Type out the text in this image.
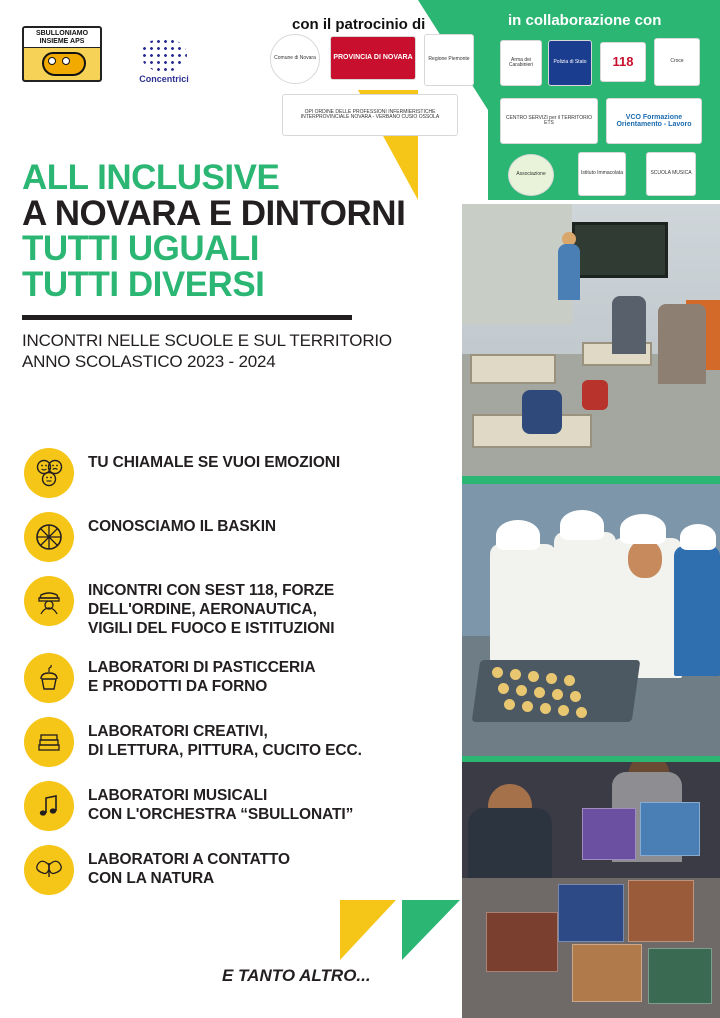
con il patrocinio di	in collaborazione con
SBULLONIAMO
INSIEME APS
Concentrici
Comune di Novara PROVINCIA DI NOVARA	Regione Piemonte
OPI ORDINE DELLE PROFESSIONI INFERMIERISTICHE INTERPROVINCIALE NOVARA - VERBANO CUSIO OSSOLA
Arma dei Carabinieri	Polizia di Stato 118	Croce
CENTRO SERVIZI per il TERRITORIO ETS
VCO Formazione Orientamento - Lavoro
Associazione	Istituto Immacolata	SCUOLA MUSICA
ALL INCLUSIVE
A NOVARA E DINTORNI
TUTTI UGUALI
TUTTI DIVERSI
INCONTRI NELLE SCUOLE E SUL TERRITORIO
ANNO SCOLASTICO 2023 - 2024
TU CHIAMALE SE VUOI EMOZIONI
CONOSCIAMO IL BASKIN
INCONTRI CON SEST 118, FORZE
DELL'ORDINE, AERONAUTICA,
VIGILI DEL FUOCO E ISTITUZIONI
LABORATORI DI PASTICCERIA
E PRODOTTI DA FORNO
LABORATORI CREATIVI,
DI LETTURA, PITTURA, CUCITO ECC.
LABORATORI MUSICALI
CON L'ORCHESTRA “SBULLONATI”
LABORATORI A CONTATTO
CON LA NATURA
E TANTO ALTRO...
